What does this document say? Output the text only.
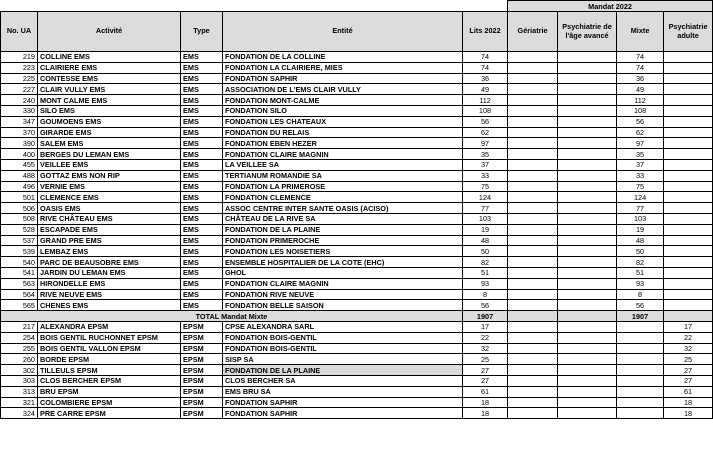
					Mandat 2022			
No. UA	Activité	Type	Entité	Lits 2022	Gériatrie	Psychiatrie de l'âge avancé	Mixte	Psychiatrie adulte
219	COLLINE EMS	EMS	FONDATION DE LA COLLINE	74			74	
223	CLAIRIERE EMS	EMS	FONDATION LA CLAIRIERE, MIES	74			74	
225	CONTESSE EMS	EMS	FONDATION SAPHIR	36			36	
227	CLAIR VULLY EMS	EMS	ASSOCIATION DE L'EMS CLAIR VULLY	49			49	
240	MONT CALME EMS	EMS	FONDATION MONT-CALME	112			112	
330	SILO EMS	EMS	FONDATION SILO	108			108	
347	GOUMOENS EMS	EMS	FONDATION LES CHATEAUX	56			56	
370	GIRARDE EMS	EMS	FONDATION DU RELAIS	62			62	
390	SALEM EMS	EMS	FONDATION EBEN HEZER	97			97	
400	BERGES DU LEMAN EMS	EMS	FONDATION CLAIRE MAGNIN	35			35	
455	VEILLEE EMS	EMS	LA VEILLEE SA	37			37	
488	GOTTAZ EMS NON RIP	EMS	TERTIANUM ROMANDIE SA	33			33	
496	VERNIE EMS	EMS	FONDATION LA PRIMEROSE	75			75	
501	CLEMENCE EMS	EMS	FONDATION CLEMENCE	124			124	
506	OASIS EMS	EMS	ASSOC CENTRE INTER SANTE OASIS (ACISO)	77			77	
508	RIVE CHÂTEAU EMS	EMS	CHÂTEAU DE LA RIVE SA	103			103	
528	ESCAPADE EMS	EMS	FONDATION DE LA PLAINE	19			19	
537	GRAND PRE EMS	EMS	FONDATION PRIMEROCHE	48			48	
539	LEMBAZ EMS	EMS	FONDATION LES NOISETIERS	50			50	
540	PARC DE BEAUSOBRE EMS	EMS	ENSEMBLE HOSPITALIER DE LA COTE (EHC)	82			82	
541	JARDIN DU LEMAN EMS	EMS	GHOL	51			51	
563	HIRONDELLE EMS	EMS	FONDATION CLAIRE MAGNIN	93			93	
564	RIVE NEUVE EMS	EMS	FONDATION RIVE NEUVE	8			8	
565	CHENES EMS	EMS	FONDATION BELLE SAISON	56			56	
TOTAL Mandat Mixte				1907			1907	
217	ALEXANDRA EPSM	EPSM	CPSE ALEXANDRA SARL	17				17
254	BOIS GENTIL RUCHONNET EPSM	EPSM	FONDATION BOIS-GENTIL	22				22
255	BOIS GENTIL VALLON EPSM	EPSM	FONDATION BOIS-GENTIL	32				32
260	BORDE EPSM	EPSM	SISP SA	25				25
302	TILLEULS EPSM	EPSM	FONDATION DE LA PLAINE	27				27
303	CLOS BERCHER EPSM	EPSM	CLOS BERCHER SA	27				27
313	BRU EPSM	EPSM	EMS BRU SA	61				61
321	COLOMBIERE EPSM	EPSM	FONDATION SAPHIR	18				18
324	PRE CARRE EPSM	EPSM	FONDATION SAPHIR	18				18
